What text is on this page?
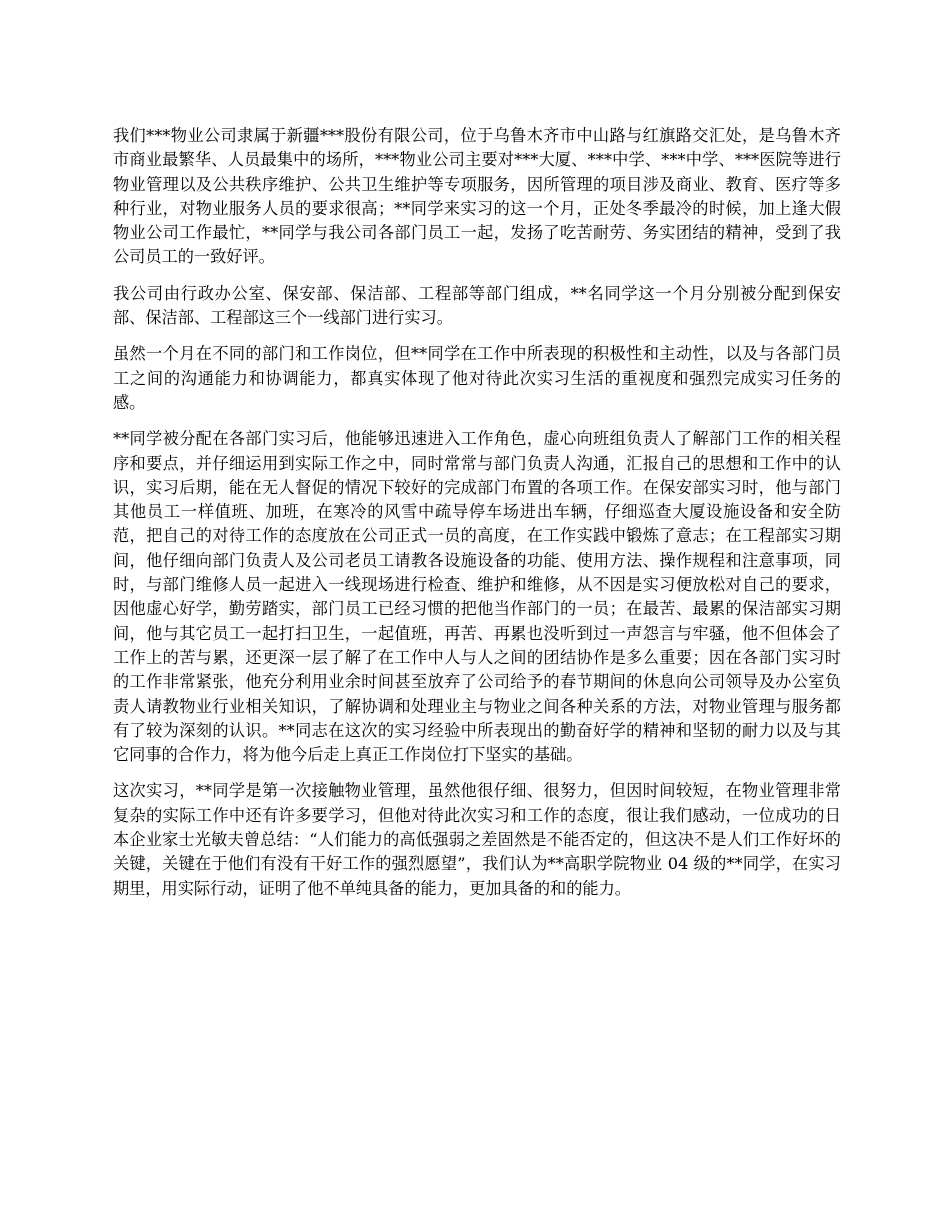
我们***物业公司隶属于新疆***股份有限公司，位于乌鲁木齐市中山路与红旗路交汇处，是乌鲁木齐市商业最繁华、人员最集中的场所，***物业公司主要对***大厦、***中学、***中学、***医院等进行物业管理以及公共秩序维护、公共卫生维护等专项服务，因所管理的项目涉及商业、教育、医疗等多种行业，对物业服务人员的要求很高；**同学来实习的这一个月，正处冬季最冷的时候，加上逢大假物业公司工作最忙，**同学与我公司各部门员工一起，发扬了吃苦耐劳、务实团结的精神，受到了我公司员工的一致好评。

我公司由行政办公室、保安部、保洁部、工程部等部门组成，**名同学这一个月分别被分配到保安部、保洁部、工程部这三个一线部门进行实习。

虽然一个月在不同的部门和工作岗位，但**同学在工作中所表现的积极性和主动性，以及与各部门员工之间的沟通能力和协调能力，都真实体现了他对待此次实习生活的重视度和强烈完成实习任务的感。

**同学被分配在各部门实习后，他能够迅速进入工作角色，虚心向班组负责人了解部门工作的相关程序和要点，并仔细运用到实际工作之中，同时常常与部门负责人沟通，汇报自己的思想和工作中的认识，实习后期，能在无人督促的情况下较好的完成部门布置的各项工作。在保安部实习时，他与部门其他员工一样值班、加班，在寒冷的风雪中疏导停车场进出车辆，仔细巡查大厦设施设备和安全防范，把自己的对待工作的态度放在公司正式一员的高度，在工作实践中锻炼了意志；在工程部实习期间，他仔细向部门负责人及公司老员工请教各设施设备的功能、使用方法、操作规程和注意事项，同时，与部门维修人员一起进入一线现场进行检查、维护和维修，从不因是实习便放松对自己的要求，因他虚心好学，勤劳踏实，部门员工已经习惯的把他当作部门的一员；在最苦、最累的保洁部实习期间，他与其它员工一起打扫卫生，一起值班，再苦、再累也没听到过一声怨言与牢骚，他不但体会了工作上的苦与累，还更深一层了解了在工作中人与人之间的团结协作是多么重要；因在各部门实习时的工作非常紧张，他充分利用业余时间甚至放弃了公司给予的春节期间的休息向公司领导及办公室负责人请教物业行业相关知识，了解协调和处理业主与物业之间各种关系的方法，对物业管理与服务都有了较为深刻的认识。**同志在这次的实习经验中所表现出的勤奋好学的精神和坚韧的耐力以及与其它同事的合作力，将为他今后走上真正工作岗位打下坚实的基础。

这次实习，**同学是第一次接触物业管理，虽然他很仔细、很努力，但因时间较短，在物业管理非常复杂的实际工作中还有许多要学习，但他对待此次实习和工作的态度，很让我们感动，一位成功的日本企业家士光敏夫曾总结：“人们能力的高低强弱之差固然是不能否定的，但这决不是人们工作好坏的关键，关键在于他们有没有干好工作的强烈愿望”，我们认为**高职学院物业 04 级的**同学，在实习期里，用实际行动，证明了他不单纯具备的能力，更加具备的和的能力。
